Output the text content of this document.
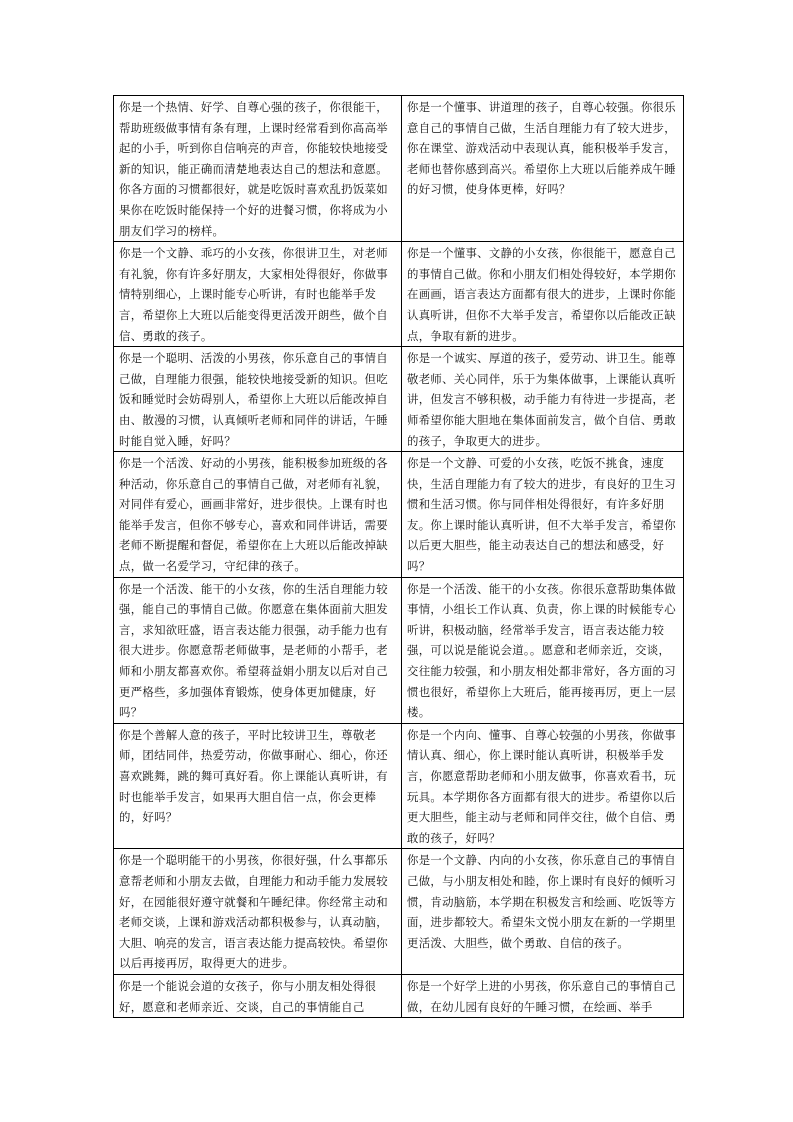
你是一个热情、好学、自尊心强的孩子，你很能干，帮助班级做事情有条有理，上课时经常看到你高高举起的小手，听到你自信响亮的声音，你能较快地接受新的知识，能正确而清楚地表达自己的想法和意愿。你各方面的习惯都很好，就是吃饭时喜欢乱扔饭菜如果你在吃饭时能保持一个好的进餐习惯，你将成为小朋友们学习的榜样。	你是一个懂事、讲道理的孩子，自尊心较强。你很乐意自己的事情自己做，生活自理能力有了较大进步，你在课堂、游戏活动中表现认真，能积极举手发言，老师也替你感到高兴。希望你上大班以后能养成午睡的好习惯，使身体更棒，好吗？
你是一个文静、乖巧的小女孩，你很讲卫生，对老师有礼貌，你有许多好朋友，大家相处得很好，你做事情特别细心，上课时能专心听讲，有时也能举手发言，希望你上大班以后能变得更活泼开朗些，做个自信、勇敢的孩子。	你是一个懂事、文静的小女孩，你很能干，愿意自己的事情自己做。你和小朋友们相处得较好，本学期你在画画，语言表达方面都有很大的进步，上课时你能认真听讲，但你不大举手发言，希望你以后能改正缺点，争取有新的进步。
你是一个聪明、活泼的小男孩，你乐意自己的事情自己做，自理能力很强，能较快地接受新的知识。但吃饭和睡觉时会妨碍别人，希望你上大班以后能改掉自由、散漫的习惯，认真倾听老师和同伴的讲话，午睡时能自觉入睡，好吗？	你是一个诚实、厚道的孩子，爱劳动、讲卫生。能尊敬老师、关心同伴，乐于为集体做事，上课能认真听讲，但发言不够积极，动手能力有待进一步提高，老师希望你能大胆地在集体面前发言，做个自信、勇敢的孩子，争取更大的进步。
你是一个活泼、好动的小男孩，能积极参加班级的各种活动，你乐意自己的事情自己做，对老师有礼貌，对同伴有爱心，画画非常好，进步很快。上课有时也能举手发言，但你不够专心，喜欢和同伴讲话，需要老师不断提醒和督促，希望你在上大班以后能改掉缺点，做一名爱学习，守纪律的孩子。	你是一个文静、可爱的小女孩，吃饭不挑食，速度快，生活自理能力有了较大的进步，有良好的卫生习惯和生活习惯。你与同伴相处得很好，有许多好朋友。你上课时能认真听讲，但不大举手发言，希望你以后更大胆些，能主动表达自己的想法和感受，好吗？
你是一个活泼、能干的小女孩，你的生活自理能力较强，能自己的事情自己做。你愿意在集体面前大胆发言，求知欲旺盛，语言表达能力很强，动手能力也有很大进步。你愿意帮老师做事，是老师的小帮手，老师和小朋友都喜欢你。希望蒋益娟小朋友以后对自己更严格些，多加强体育锻炼，使身体更加健康，好吗？	你是一个活泼、能干的小女孩。你很乐意帮助集体做事情，小组长工作认真、负责，你上课的时候能专心听讲，积极动脑，经常举手发言，语言表达能力较强，可以说是能说会道。。愿意和老师亲近，交谈，交往能力较强，和小朋友相处都非常好，各方面的习惯也很好，希望你上大班后，能再接再厉，更上一层楼。
你是个善解人意的孩子，平时比较讲卫生，尊敬老师，团结同伴，热爱劳动，你做事耐心、细心，你还喜欢跳舞，跳的舞可真好看。你上课能认真听讲，有时也能举手发言，如果再大胆自信一点，你会更棒的，好吗？	你是一个内向、懂事、自尊心较强的小男孩，你做事情认真、细心，你上课时能认真听讲，积极举手发言，你愿意帮助老师和小朋友做事，你喜欢看书，玩玩具。本学期你各方面都有很大的进步。希望你以后更大胆些，能主动与老师和同伴交往，做个自信、勇敢的孩子，好吗？
你是一个聪明能干的小男孩，你很好强，什么事都乐意帮老师和小朋友去做，自理能力和动手能力发展较好，在园能很好遵守就餐和午睡纪律。你经常主动和老师交谈，上课和游戏活动都积极参与，认真动脑，大胆、响亮的发言，语言表达能力提高较快。希望你以后再接再厉，取得更大的进步。	你是一个文静、内向的小女孩，你乐意自己的事情自己做，与小朋友相处和睦，你上课时有良好的倾听习惯，肯动脑筋，本学期在积极发言和绘画、吃饭等方面，进步都较大。希望朱文悦小朋友在新的一学期里更活泼、大胆些，做个勇敢、自信的孩子。
你是一个能说会道的女孩子，你与小朋友相处得很好，愿意和老师亲近、交谈，自己的事情能自己	你是一个好学上进的小男孩，你乐意自己的事情自己做，在幼儿园有良好的午睡习惯，在绘画、举手
